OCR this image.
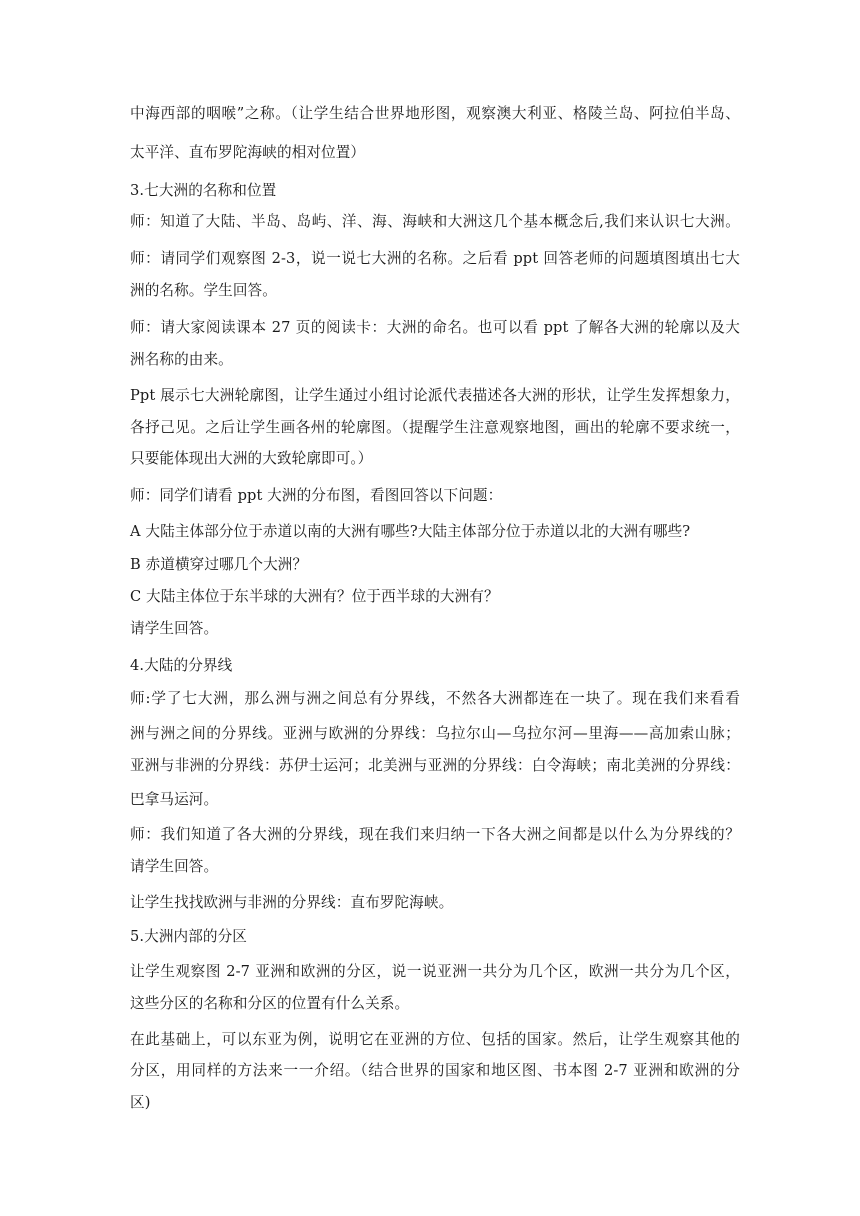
中海西部的咽喉”之称。（让学生结合世界地形图，观察澳大利亚、格陵兰岛、阿拉伯半岛、
太平洋、直布罗陀海峡的相对位置）
3.七大洲的名称和位置
师：知道了大陆、半岛、岛屿、洋、海、海峡和大洲这几个基本概念后,我们来认识七大洲。
师：请同学们观察图 2-3，说一说七大洲的名称。之后看 ppt 回答老师的问题填图填出七大
洲的名称。学生回答。
师：请大家阅读课本 27 页的阅读卡：大洲的命名。也可以看 ppt 了解各大洲的轮廓以及大
洲名称的由来。
Ppt 展示七大洲轮廓图，让学生通过小组讨论派代表描述各大洲的形状，让学生发挥想象力，
各抒己见。之后让学生画各州的轮廓图。（提醒学生注意观察地图，画出的轮廓不要求统一，
只要能体现出大洲的大致轮廓即可。）
师：同学们请看 ppt 大洲的分布图，看图回答以下问题：
A 大陆主体部分位于赤道以南的大洲有哪些?大陆主体部分位于赤道以北的大洲有哪些?
B 赤道横穿过哪几个大洲？
C 大陆主体位于东半球的大洲有？位于西半球的大洲有？
请学生回答。
4.大陆的分界线
师:学了七大洲，那么洲与洲之间总有分界线，不然各大洲都连在一块了。现在我们来看看
洲与洲之间的分界线。亚洲与欧洲的分界线：乌拉尔山—乌拉尔河—里海——高加索山脉；
亚洲与非洲的分界线：苏伊士运河；北美洲与亚洲的分界线：白令海峡；南北美洲的分界线：
巴拿马运河。
师：我们知道了各大洲的分界线，现在我们来归纳一下各大洲之间都是以什么为分界线的？
请学生回答。
让学生找找欧洲与非洲的分界线：直布罗陀海峡。
5.大洲内部的分区
让学生观察图 2-7 亚洲和欧洲的分区，说一说亚洲一共分为几个区，欧洲一共分为几个区，
这些分区的名称和分区的位置有什么关系。
在此基础上，可以东亚为例，说明它在亚洲的方位、包括的国家。然后，让学生观察其他的
分区，用同样的方法来一一介绍。（结合世界的国家和地区图、书本图 2-7 亚洲和欧洲的分
区)
